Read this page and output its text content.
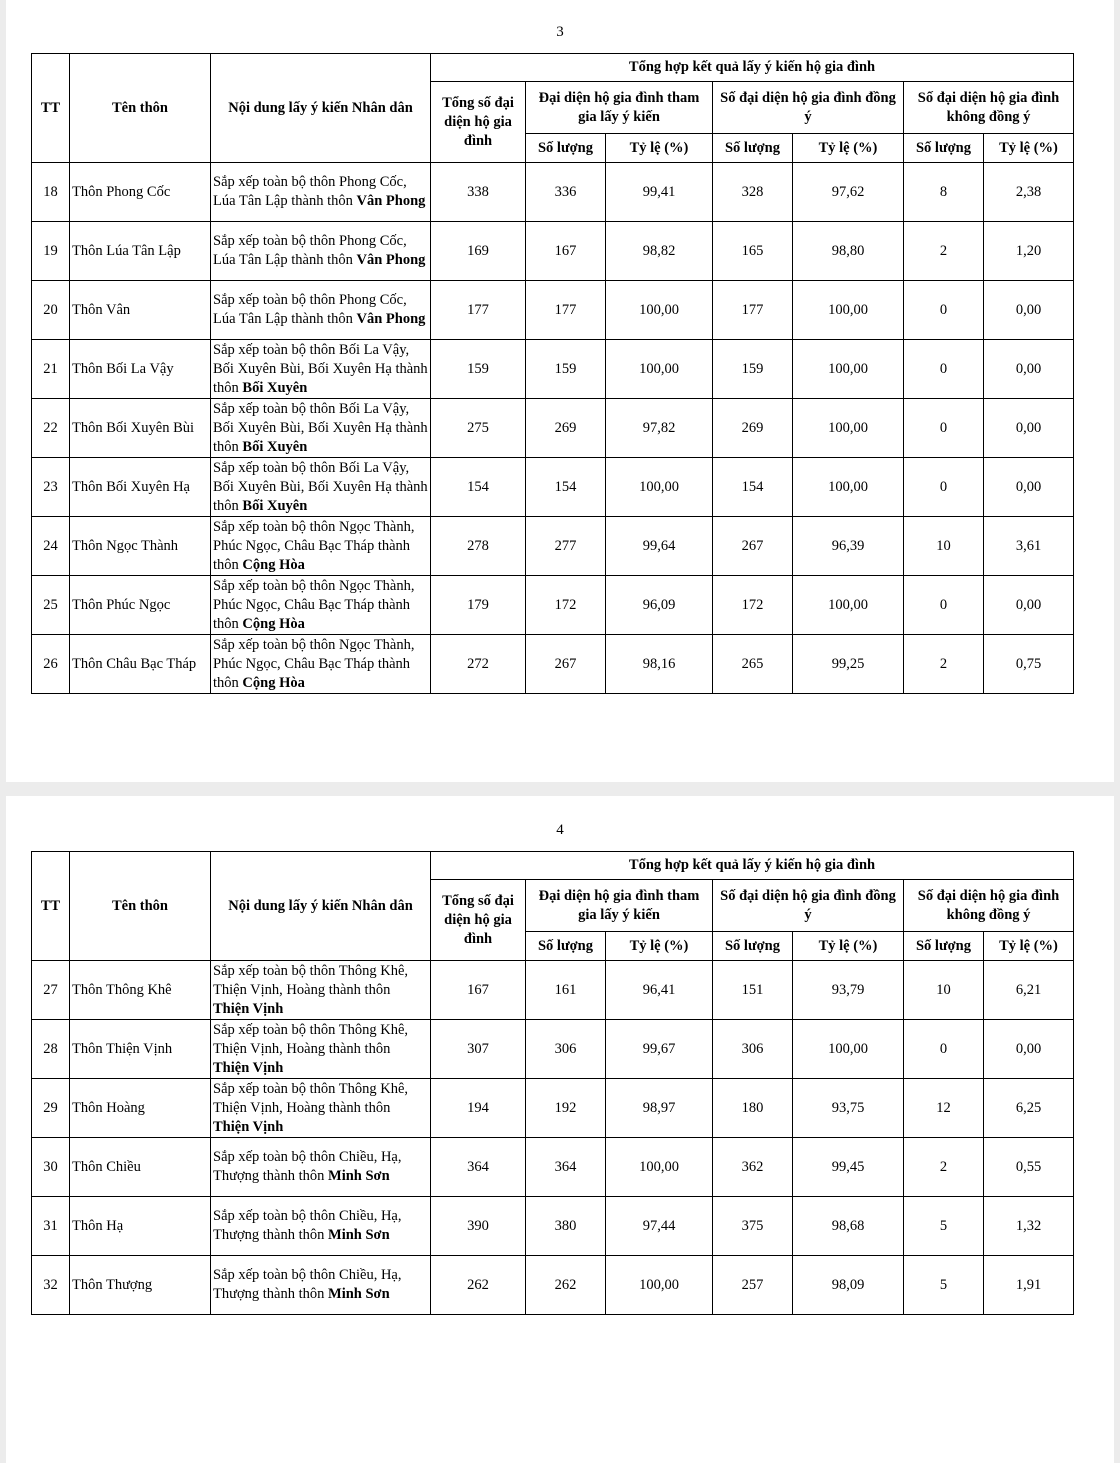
3
TT	Tên thôn	Nội dung lấy ý kiến Nhân dân	Tổng hợp kết quả lấy ý kiến hộ gia đình						
			Tổng số đại diện hộ gia đình	Đại diện hộ gia đình tham gia lấy ý kiến		Số đại diện hộ gia đình đồng ý		Số đại diện hộ gia đình không đồng ý	
				Số lượng	Tỷ lệ (%)	Số lượng	Tỷ lệ (%)	Số lượng	Tỷ lệ (%)
18	Thôn Phong Cốc	Sắp xếp toàn bộ thôn Phong Cốc, Lúa Tân Lập thành thôn Vân Phong	338	336	99,41	328	97,62	8	2,38
19	Thôn Lúa Tân Lập	Sắp xếp toàn bộ thôn Phong Cốc, Lúa Tân Lập thành thôn Vân Phong	169	167	98,82	165	98,80	2	1,20
20	Thôn Vân	Sắp xếp toàn bộ thôn Phong Cốc, Lúa Tân Lập thành thôn Vân Phong	177	177	100,00	177	100,00	0	0,00
21	Thôn Bối La Vậy	Sắp xếp toàn bộ thôn Bối La Vậy, Bối Xuyên Bùi, Bối Xuyên Hạ thành thôn Bối Xuyên	159	159	100,00	159	100,00	0	0,00
22	Thôn Bối Xuyên Bùi	Sắp xếp toàn bộ thôn Bối La Vậy, Bối Xuyên Bùi, Bối Xuyên Hạ thành thôn Bối Xuyên	275	269	97,82	269	100,00	0	0,00
23	Thôn Bối Xuyên Hạ	Sắp xếp toàn bộ thôn Bối La Vậy, Bối Xuyên Bùi, Bối Xuyên Hạ thành thôn Bối Xuyên	154	154	100,00	154	100,00	0	0,00
24	Thôn Ngọc Thành	Sắp xếp toàn bộ thôn Ngọc Thành, Phúc Ngọc, Châu Bạc Tháp thành thôn Cộng Hòa	278	277	99,64	267	96,39	10	3,61
25	Thôn Phúc Ngọc	Sắp xếp toàn bộ thôn Ngọc Thành, Phúc Ngọc, Châu Bạc Tháp thành thôn Cộng Hòa	179	172	96,09	172	100,00	0	0,00
26	Thôn Châu Bạc Tháp	Sắp xếp toàn bộ thôn Ngọc Thành, Phúc Ngọc, Châu Bạc Tháp thành thôn Cộng Hòa	272	267	98,16	265	99,25	2	0,75
4
TT	Tên thôn	Nội dung lấy ý kiến Nhân dân	Tổng hợp kết quả lấy ý kiến hộ gia đình						
			Tổng số đại diện hộ gia đình	Đại diện hộ gia đình tham gia lấy ý kiến		Số đại diện hộ gia đình đồng ý		Số đại diện hộ gia đình không đồng ý	
				Số lượng	Tỷ lệ (%)	Số lượng	Tỷ lệ (%)	Số lượng	Tỷ lệ (%)
27	Thôn Thông Khê	Sắp xếp toàn bộ thôn Thông Khê, Thiện Vịnh, Hoàng thành thôn Thiện Vịnh	167	161	96,41	151	93,79	10	6,21
28	Thôn Thiện Vịnh	Sắp xếp toàn bộ thôn Thông Khê, Thiện Vịnh, Hoàng thành thôn Thiện Vịnh	307	306	99,67	306	100,00	0	0,00
29	Thôn Hoàng	Sắp xếp toàn bộ thôn Thông Khê, Thiện Vịnh, Hoàng thành thôn Thiện Vịnh	194	192	98,97	180	93,75	12	6,25
30	Thôn Chiều	Sắp xếp toàn bộ thôn Chiều, Hạ, Thượng thành thôn Minh Sơn	364	364	100,00	362	99,45	2	0,55
31	Thôn Hạ	Sắp xếp toàn bộ thôn Chiều, Hạ, Thượng thành thôn Minh Sơn	390	380	97,44	375	98,68	5	1,32
32	Thôn Thượng	Sắp xếp toàn bộ thôn Chiều, Hạ, Thượng thành thôn Minh Sơn	262	262	100,00	257	98,09	5	1,91
